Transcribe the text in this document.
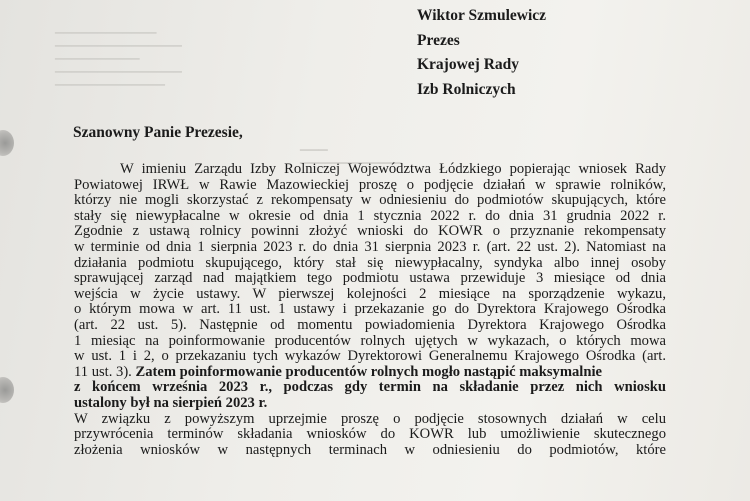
▁▁▁▁▁▁▁▁▁▁▁▁
▁▁▁▁▁▁▁▁▁▁▁▁▁▁▁
▁▁▁▁▁▁▁▁▁▁
▁▁▁▁▁▁▁▁▁▁▁▁▁▁▁
▁▁▁▁▁▁▁▁▁▁▁▁▁
▁▁▁
▁▁▁▁▁▁▁▁▁▁▁
Wiktor Szmulewicz
Prezes
Krajowej Rady
Izb Rolniczych
Szanowny Panie Prezesie,
W imieniu Zarządu Izby Rolniczej Województwa Łódzkiego popierając wniosek Rady
Powiatowej IRWŁ w Rawie Mazowieckiej proszę o podjęcie działań w sprawie rolników,
którzy nie mogli skorzystać z rekompensaty w odniesieniu do podmiotów skupujących, które
stały się niewypłacalne w okresie od dnia 1 stycznia 2022 r. do dnia 31 grudnia 2022 r.
Zgodnie z ustawą rolnicy powinni złożyć wnioski do KOWR o przyznanie rekompensaty
w terminie od dnia 1 sierpnia 2023 r. do dnia 31 sierpnia 2023 r. (art. 22 ust. 2). Natomiast na
działania podmiotu skupującego, który stał się niewypłacalny, syndyka albo innej osoby
sprawującej zarząd nad majątkiem tego podmiotu ustawa przewiduje 3 miesiące od dnia
wejścia w życie ustawy. W pierwszej kolejności 2 miesiące na sporządzenie wykazu,
o którym mowa w art. 11 ust. 1 ustawy i przekazanie go do Dyrektora Krajowego Ośrodka
(art. 22 ust. 5). Następnie od momentu powiadomienia Dyrektora Krajowego Ośrodka
1 miesiąc na poinformowanie producentów rolnych ujętych w wykazach, o których mowa
w ust. 1 i 2, o przekazaniu tych wykazów Dyrektorowi Generalnemu Krajowego Ośrodka (art.
11 ust. 3). Zatem poinformowanie producentów rolnych mogło nastąpić maksymalnie
z końcem września 2023 r., podczas gdy termin na składanie przez nich wniosku
ustalony był na sierpień 2023 r.
W związku z powyższym uprzejmie proszę o podjęcie stosownych działań w celu
przywrócenia terminów składania wniosków do KOWR lub umożliwienie skutecznego
złożenia wniosków w następnych terminach w odniesieniu do podmiotów, które
